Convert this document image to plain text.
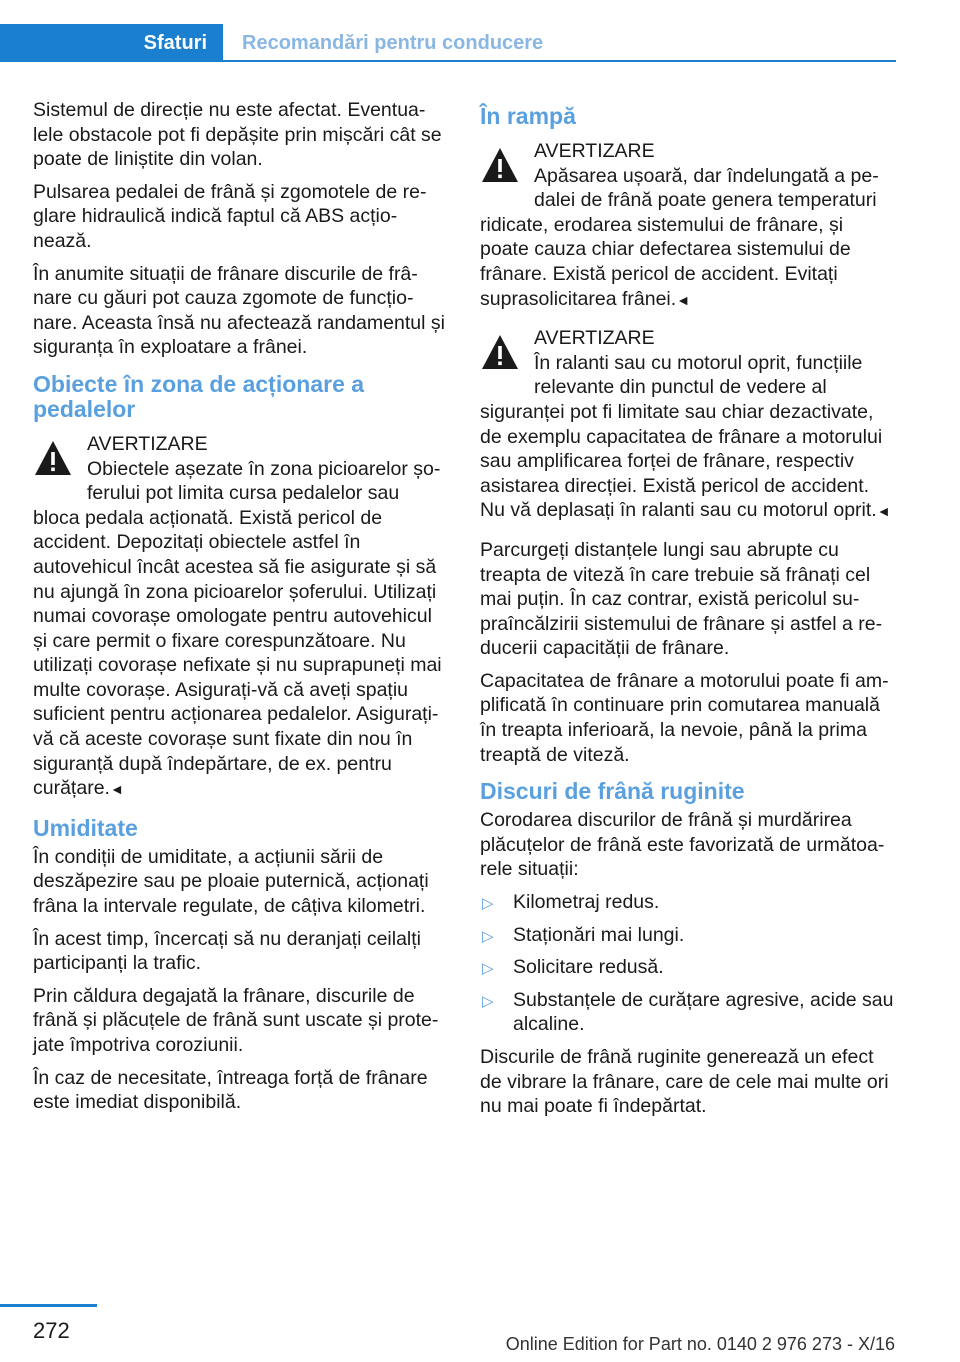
Sfaturi	Recomandări pentru conducere

Sistemul de direcție nu este afectat. Eventualele obstacole pot fi depășite prin mișcări cât se poate de liniștite din volan.

Pulsarea pedalei de frână și zgomotele de reglare hidraulică indică faptul că ABS acționează.

În anumite situații de frânare discurile de frânare cu găuri pot cauza zgomote de funcționare. Aceasta însă nu afectează randamentul și siguranța în exploatare a frânei.

Obiecte în zona de acționare a pedalelor
AVERTIZARE
Obiectele așezate în zona picioarelor șoferului pot limita cursa pedalelor sau bloca pedala acționată. Există pericol de accident. Depozitați obiectele astfel în autovehicul încât acestea să fie asigurate și să nu ajungă în zona picioarelor șoferului. Utilizați numai covorașe omologate pentru autovehicul și care permit o fixare corespunzătoare. Nu utilizați covorașe nefixate și nu suprapuneți mai multe covorașe. Asigurați-vă că aveți spațiu suficient pentru acționarea pedalelor. Asigurați-vă că aceste covorașe sunt fixate din nou în siguranță după îndepărtare, de ex. pentru curățare.◄
Umiditate

În condiții de umiditate, a acțiunii sării de deszăpezire sau pe ploaie puternică, acționați frâna la intervale regulate, de câțiva kilometri.

În acest timp, încercați să nu deranjați ceilalți participanți la trafic.

Prin căldura degajată la frânare, discurile de frână și plăcuțele de frână sunt uscate și protejate împotriva coroziunii.

În caz de necesitate, întreaga forță de frânare este imediat disponibilă.

În rampă
AVERTIZARE
Apăsarea ușoară, dar îndelungată a pedalei de frână poate genera temperaturi ridicate, erodarea sistemului de frânare, și poate cauza chiar defectarea sistemului de frânare. Există pericol de accident. Evitați suprasolicitarea frânei.◄
AVERTIZARE
În ralanti sau cu motorul oprit, funcțiile relevante din punctul de vedere al siguranței pot fi limitate sau chiar dezactivate, de exemplu capacitatea de frânare a motorului sau amplificarea forței de frânare, respectiv asistarea direcției. Există pericol de accident. Nu vă deplasați în ralanti sau cu motorul oprit.◄

Parcurgeți distanțele lungi sau abrupte cu treapta de viteză în care trebuie să frânați cel mai puțin. În caz contrar, există pericolul supraîncălzirii sistemului de frânare și astfel a reducerii capacității de frânare.

Capacitatea de frânare a motorului poate fi amplificată în continuare prin comutarea manuală în treapta inferioară, la nevoie, până la prima treaptă de viteză.

Discuri de frână ruginite

Corodarea discurilor de frână și murdărirea plăcuțelor de frână este favorizată de următoarele situații:

▷ Kilometraj redus.
▷ Staționări mai lungi.
▷ Solicitare redusă.
▷ Substanțele de curățare agresive, acide sau alcaline.

Discurile de frână ruginite generează un efect de vibrare la frânare, care de cele mai multe ori nu mai poate fi îndepărtat.

272
Online Edition for Part no. 0140 2 976 273 - X/16
